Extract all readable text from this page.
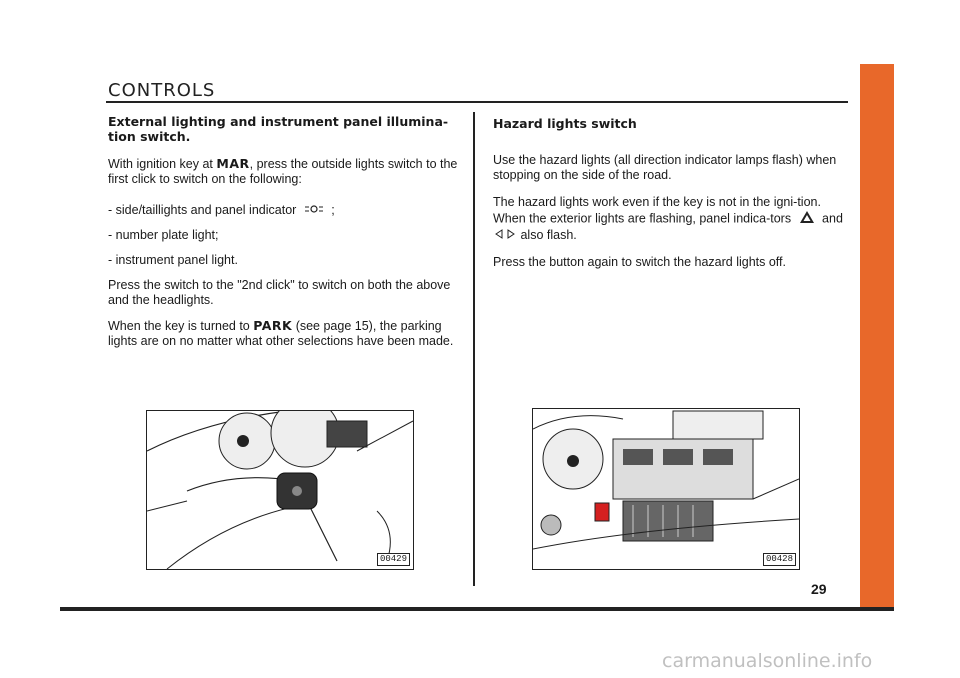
CONTROLS

External lighting and instrument panel illumina-tion switch.

With ignition key at MAR, press the outside lights switch to the first click to switch on the following:

- side/taillights and panel indicator	;

- number plate light;

- instrument panel light.

Press the switch to the "2nd click" to switch on both the above and the headlights.

When the key is turned to PARK (see page 15), the parking lights are on no matter what other selections have been made.

00429

Hazard lights switch

Use the hazard lights (all direction indicator lamps flash) when stopping on the side of the road.

The hazard lights work even if the key is not in the igni-tion. When the exterior lights are flashing, panel indica-tors and  also flash.

Press the button again to switch the hazard lights off.

00428
29
carmanualsonline.info
